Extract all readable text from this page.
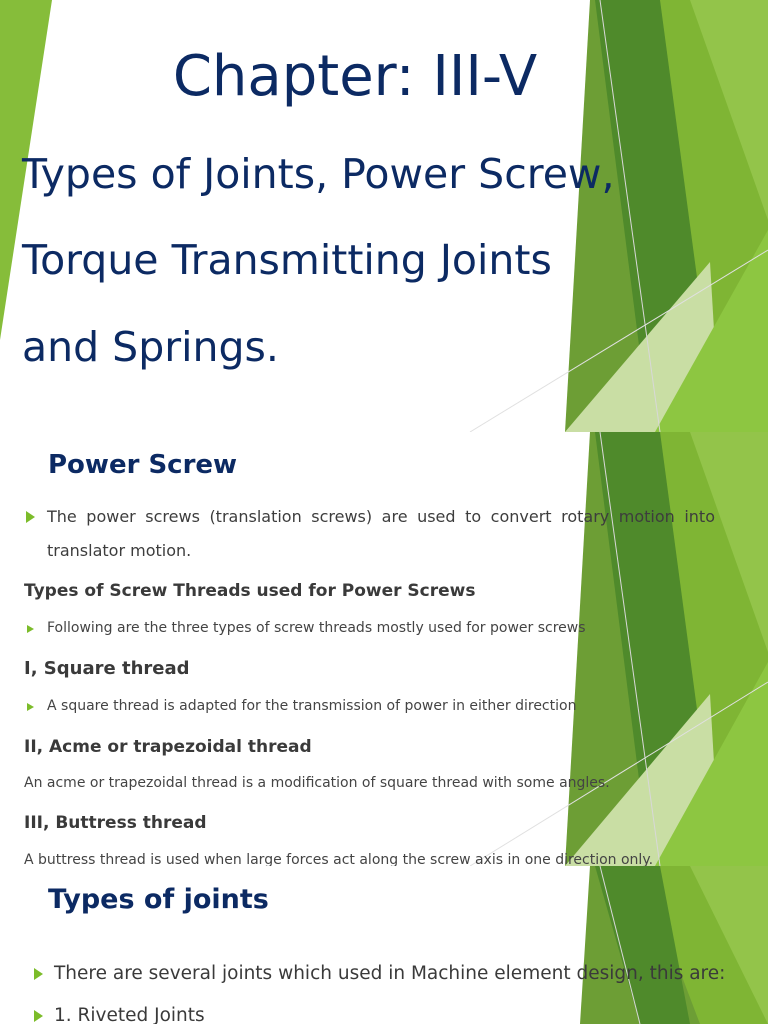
Chapter: III-V

Types of Joints, Power Screw,

Torque Transmitting Joints

and Springs.

Power Screw

The power screws (translation screws) are used to convert rotary motion into translator motion.

Types of Screw Threads used for Power Screws

Following are the three types of screw threads mostly used for power screws

I, Square thread

A square thread is adapted for the transmission of power in either direction

II, Acme or trapezoidal thread

An acme or trapezoidal thread is a modification of square thread with some angles.

III, Buttress thread

A buttress thread is used when large forces act along the screw axis in one direction only.

Types of joints

There are several joints which used in Machine element design, this are:

1. Riveted Joints
